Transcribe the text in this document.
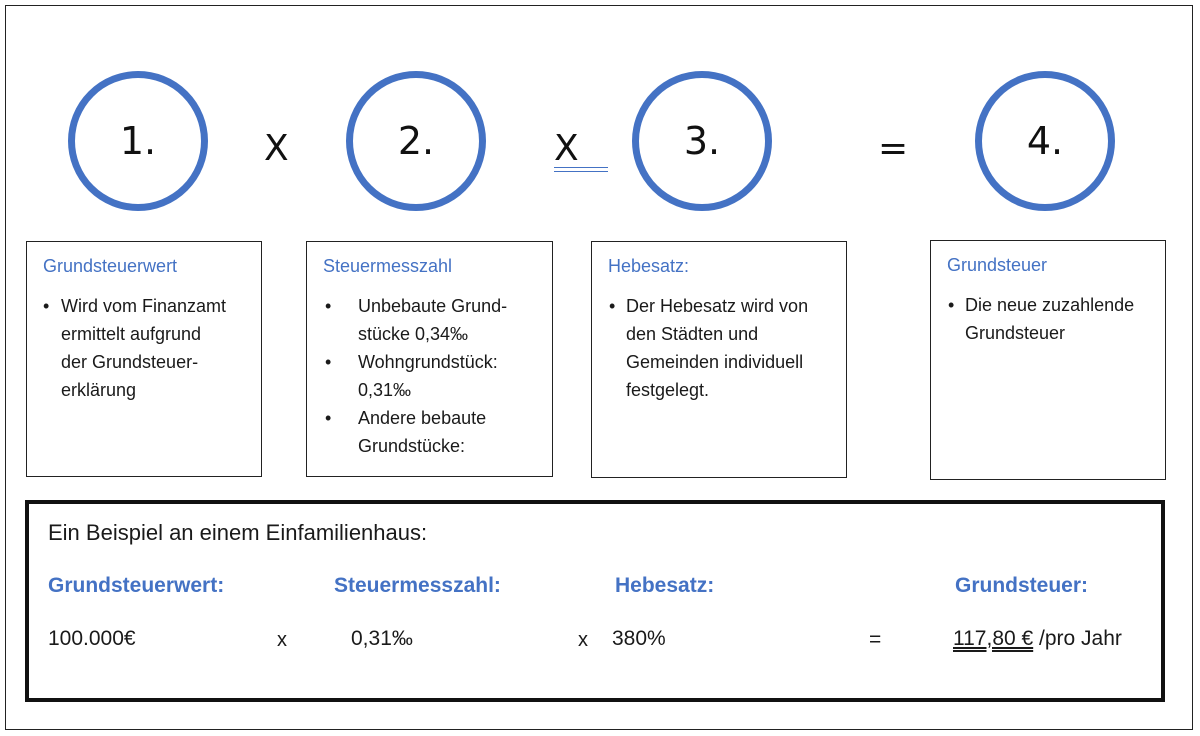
1.	X	2.	X	3.	=	4.
Grundsteuerwert
• Wird vom Finanzamt
ermittelt aufgrund
der Grundsteuer-
erklärung
Steuermesszahl
• Unbebaute Grund-
stücke 0,34‰
• Wohngrundstück:
0,31‰
• Andere bebaute
Grundstücke:
Hebesatz:
• Der Hebesatz wird von
den Städten und
Gemeinden individuell
festgelegt.
Grundsteuer
• Die neue zuzahlende
Grundsteuer
Ein Beispiel an einem Einfamilienhaus:
Grundsteuerwert:	Steuermesszahl:	Hebesatz:	Grundsteuer:
100.000€	x	0,31‰	x 380%	=	117,80 € /pro Jahr
